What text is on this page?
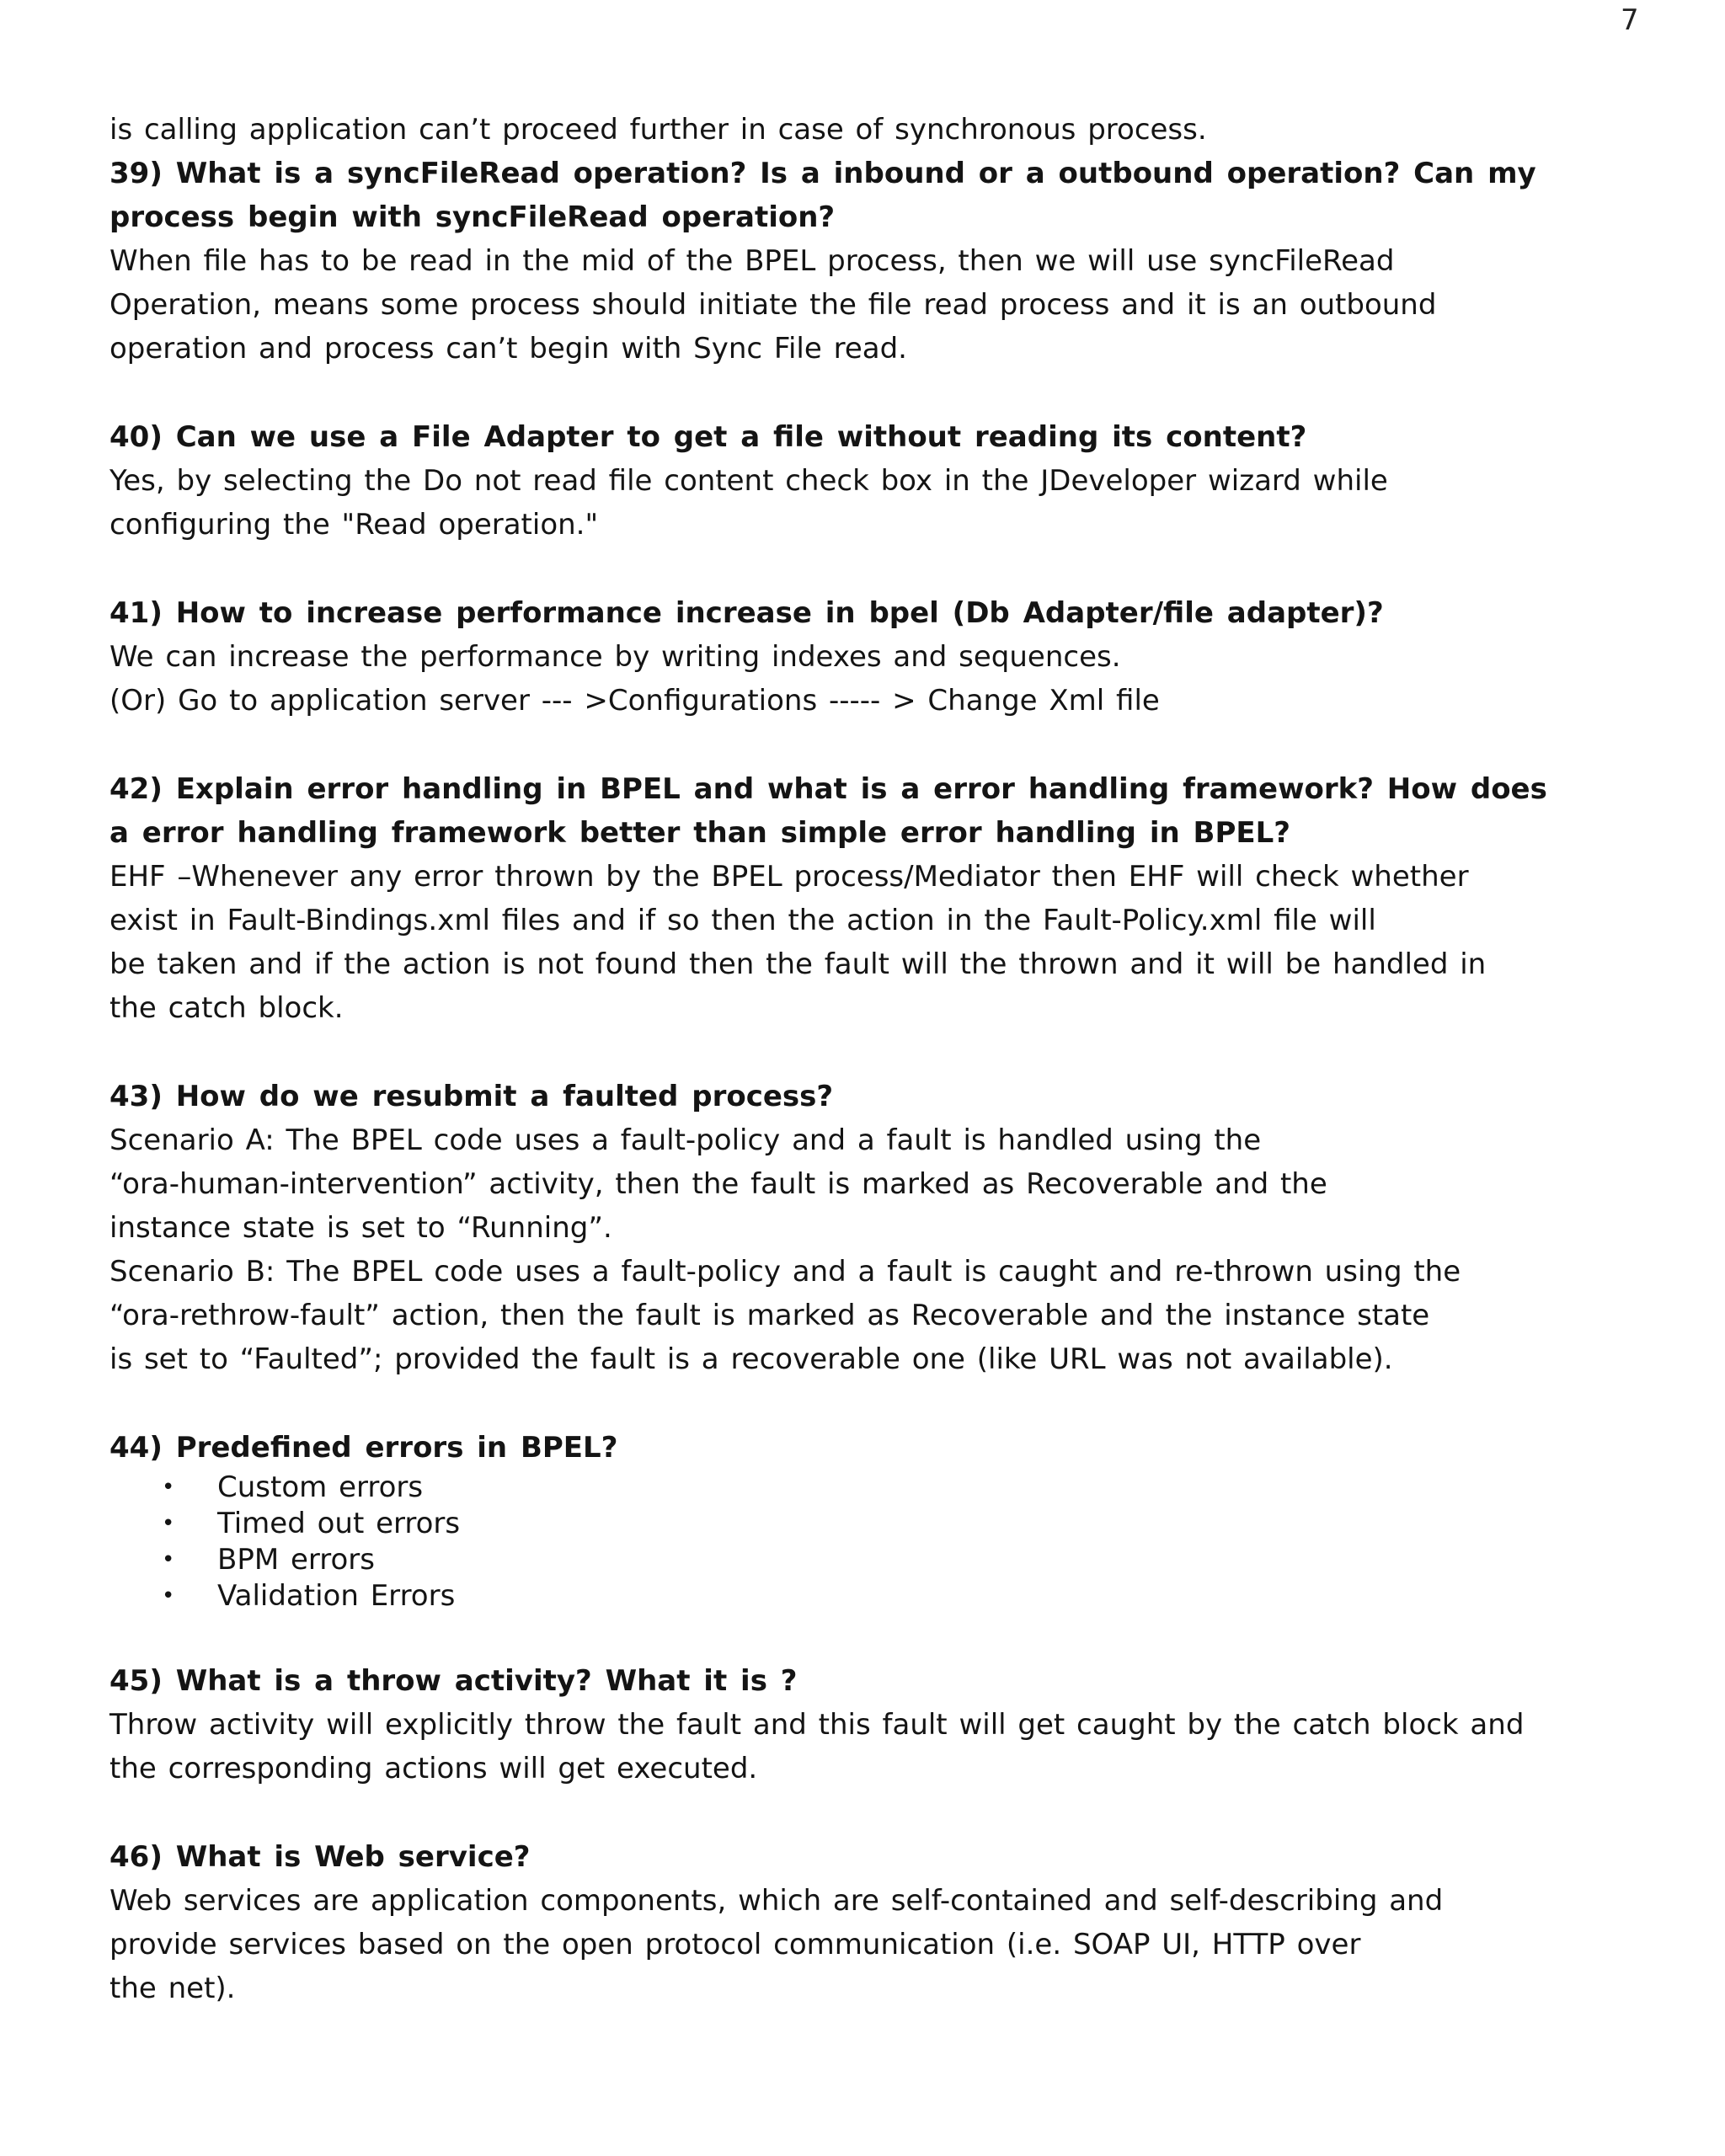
7
is calling application can’t proceed further in case of synchronous process.
39) What is a syncFileRead operation? Is a inbound or a outbound operation? Can my
process begin with syncFileRead operation?
When file has to be read in the mid of the BPEL process, then we will use syncFileRead
Operation, means some process should initiate the file read process and it is an outbound
operation and process can’t begin with Sync File read.
40) Can we use a File Adapter to get a file without reading its content?
Yes, by selecting the Do not read file content check box in the JDeveloper wizard while
configuring the "Read operation."
41) How to increase performance increase in bpel (Db Adapter/file adapter)?
We can increase the performance by writing indexes and sequences.
(Or) Go to application server --- >Configurations ----- > Change Xml file
42) Explain error handling in BPEL and what is a error handling framework? How does
a error handling framework better than simple error handling in BPEL?
EHF –Whenever any error thrown by the BPEL process/Mediator then EHF will check whether
exist in Fault-Bindings.xml files and if so then the action in the Fault-Policy.xml file will
be taken and if the action is not found then the fault will the thrown and it will be handled in
the catch block.
43) How do we resubmit a faulted process?
Scenario A: The BPEL code uses a fault-policy and a fault is handled using the
“ora-human-intervention” activity, then the fault is marked as Recoverable and the
instance state is set to “Running”.
Scenario B: The BPEL code uses a fault-policy and a fault is caught and re-thrown using the
“ora-rethrow-fault” action, then the fault is marked as Recoverable and the instance state
is set to “Faulted”; provided the fault is a recoverable one (like URL was not available).
44) Predefined errors in BPEL?
• Custom errors
• Timed out errors
• BPM errors
• Validation Errors
45) What is a throw activity? What it is ?
Throw activity will explicitly throw the fault and this fault will get caught by the catch block and
the corresponding actions will get executed.
46) What is Web service?
Web services are application components, which are self-contained and self-describing and
provide services based on the open protocol communication (i.e. SOAP UI, HTTP over
the net).
